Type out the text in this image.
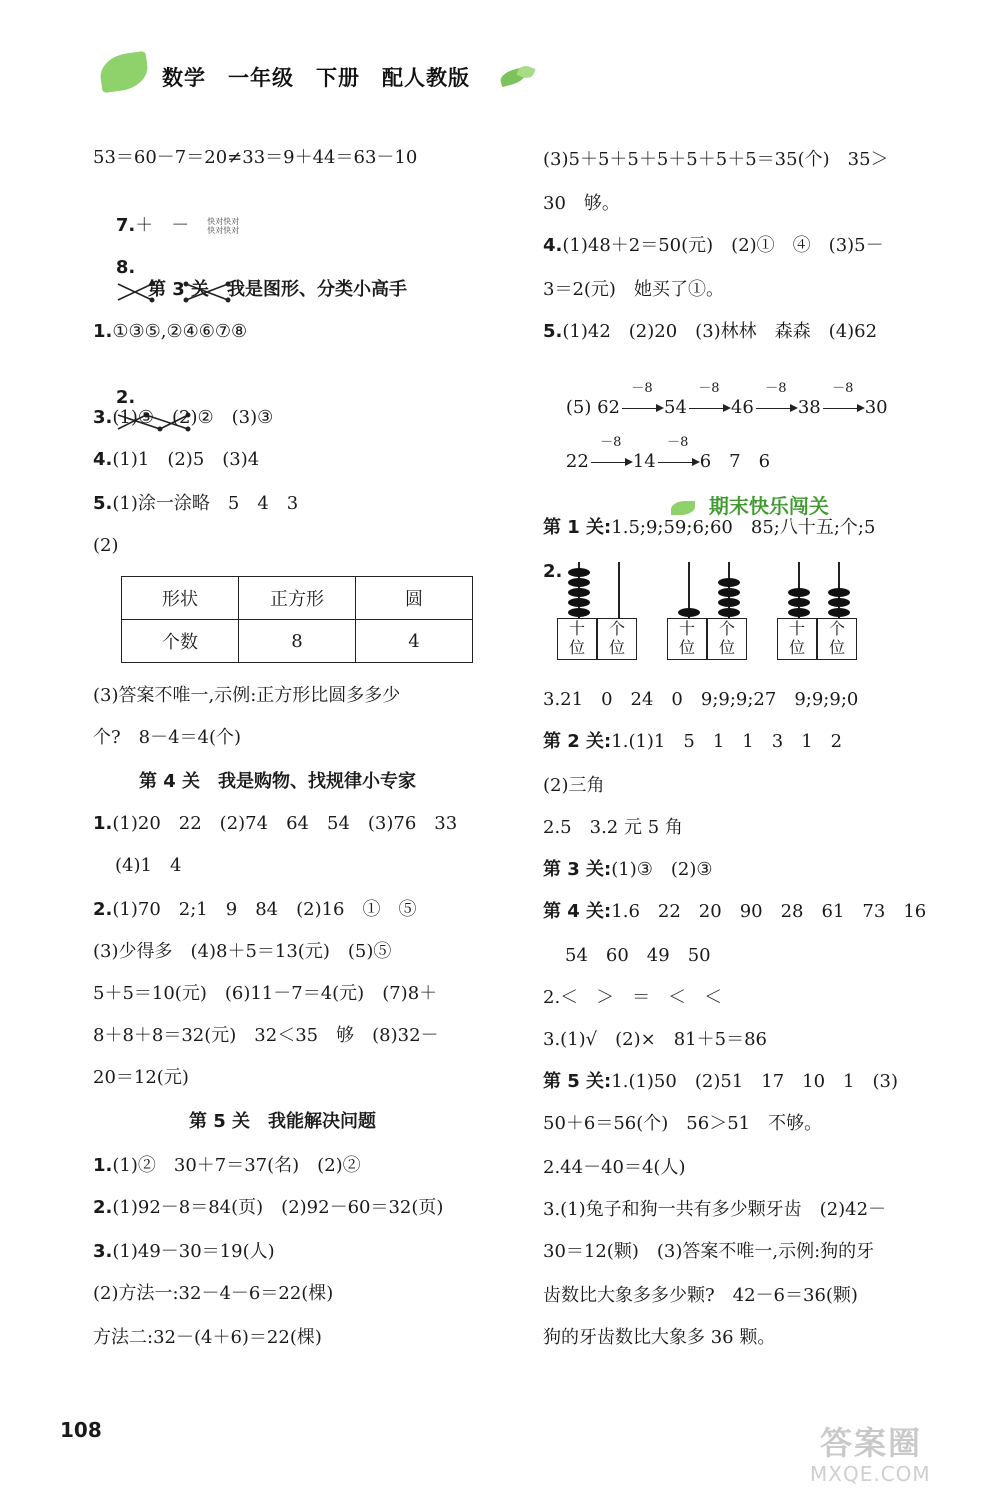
数学　一年级　下册　配人教版
53＝60－7＝20≠33＝9＋44＝63－10

7.＋　－　 快对快对
快对快对

8.

第 3 关　我是图形、分类小高手
1.①③⑤,②④⑥⑦⑧

2.

3.(1)③　(2)②　(3)③
4.(1)1　(2)5　(3)4
5.(1)涂一涂略　5　4　3
(2)
形状	正方形	圆
个数	8	4
(3)答案不唯一,示例:正方形比圆多多少
个?　8－4＝4(个)
第 4 关　我是购物、找规律小专家
1.(1)20　22　(2)74　64　54　(3)76　33
(4)1　4
2.(1)70　2;1　9　84　(2)16　①　⑤
(3)少得多　(4)8＋5＝13(元)　(5)⑤
5＋5＝10(元)　(6)11－7＝4(元)　(7)8＋
8＋8＋8＝32(元)　32＜35　够　(8)32－
20＝12(元)
第 5 关　我能解决问题
1.(1)②　30＋7＝37(名)　(2)②
2.(1)92－8＝84(页)　(2)92－60＝32(页)
3.(1)49－30＝19(人)
(2)方法一:32－4－6＝22(棵)
方法二:32－(4＋6)＝22(棵)
(3)5＋5＋5＋5＋5＋5＋5＝35(个)　35＞
30　够。
4.(1)48＋2＝50(元)　(2)①　④　(3)5－
3＝2(元)　她买了①。
5.(1)42　(2)20　(3)林林　森森　(4)62

(5) 62
－8
54
－8
46
－8
38
－8
30

22
－8
14
－8
6　7　6

期末快乐闯关

第 1 关:1.5;9;59;6;60　85;八十五;个;5
2.
十
位
个
位
十
位
个
位
十
位
个
位
3.21　0　24　0　9;9;9;27　9;9;9;0
第 2 关:1.(1)1　5　1　1　3　1　2
(2)三角
2.5　3.2 元 5 角
第 3 关:(1)③　(2)③
第 4 关:1.6　22　20　90　28　61　73　16
54　60　49　50
2.＜　＞　＝　＜　＜
3.(1)√　(2)×　81＋5＝86
第 5 关:1.(1)50　(2)51　17　10　1　(3)
50＋6＝56(个)　56＞51　不够。
2.44－40＝4(人)
3.(1)兔子和狗一共有多少颗牙齿　(2)42－
30＝12(颗)　(3)答案不唯一,示例:狗的牙
齿数比大象多多少颗?　42－6＝36(颗)
狗的牙齿数比大象多 36 颗。
108	答案圈
MXQE.COM
